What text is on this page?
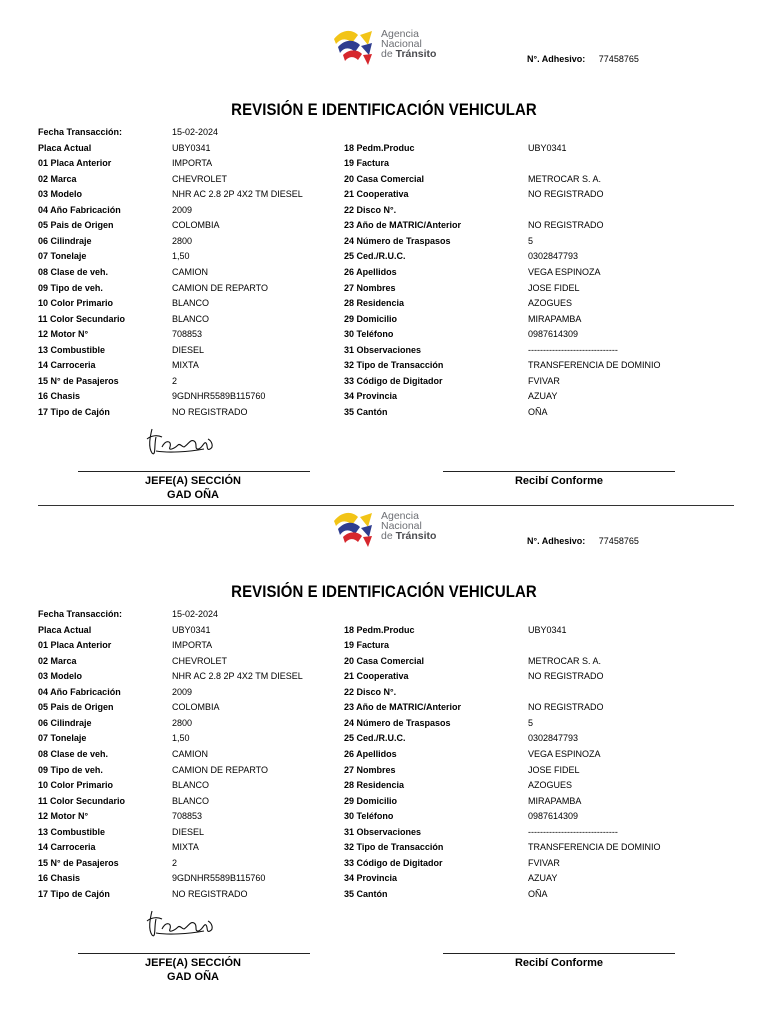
Agencia
Nacional
de Tránsito	N°. Adhesivo: 77458765
REVISIÓN E IDENTIFICACIÓN VEHICULAR
Fecha Transacción:	15-02-2024
Placa Actual	UBY0341
01 Placa Anterior	IMPORTA
02 Marca	CHEVROLET
03 Modelo	NHR AC 2.8 2P 4X2 TM DIESEL
04 Año Fabricación	2009
05 Pais de Origen	COLOMBIA
06 Cilindraje	2800
07 Tonelaje	1,50
08 Clase de veh.	CAMION
09 Tipo de veh.	CAMION DE REPARTO
10 Color Primario	BLANCO
11 Color Secundario	BLANCO
12 Motor N°	708853
13 Combustible	DIESEL
14 Carroceria	MIXTA
15 N° de Pasajeros	2
16 Chasis	9GDNHR5589B115760
17 Tipo de Cajón	NO REGISTRADO
18 Pedm.Produc	UBY0341
19 Factura
20 Casa Comercial	METROCAR S. A.
21 Cooperativa	NO REGISTRADO
22 Disco N°.
23 Año de MATRIC/Anterior	NO REGISTRADO
24 Número de Traspasos	5
25 Ced./R.U.C.	0302847793
26 Apellidos	VEGA ESPINOZA
27 Nombres	JOSE FIDEL
28 Residencia	AZOGUES
29 Domicilio	MIRAPAMBA
30 Teléfono	0987614309
31 Observaciones	------------------------------
32 Tipo de Transacción	TRANSFERENCIA DE DOMINIO
33 Código de Digitador	FVIVAR
34 Provincia	AZUAY
35 Cantón	OÑA
JEFE(A) SECCIÓN
GAD OÑA
Recibí Conforme
Agencia
Nacional
de Tránsito	N°. Adhesivo: 77458765
REVISIÓN E IDENTIFICACIÓN VEHICULAR
Fecha Transacción:	15-02-2024
Placa Actual	UBY0341
01 Placa Anterior	IMPORTA
02 Marca	CHEVROLET
03 Modelo	NHR AC 2.8 2P 4X2 TM DIESEL
04 Año Fabricación	2009
05 Pais de Origen	COLOMBIA
06 Cilindraje	2800
07 Tonelaje	1,50
08 Clase de veh.	CAMION
09 Tipo de veh.	CAMION DE REPARTO
10 Color Primario	BLANCO
11 Color Secundario	BLANCO
12 Motor N°	708853
13 Combustible	DIESEL
14 Carroceria	MIXTA
15 N° de Pasajeros	2
16 Chasis	9GDNHR5589B115760
17 Tipo de Cajón	NO REGISTRADO
18 Pedm.Produc	UBY0341
19 Factura
20 Casa Comercial	METROCAR S. A.
21 Cooperativa	NO REGISTRADO
22 Disco N°.
23 Año de MATRIC/Anterior	NO REGISTRADO
24 Número de Traspasos	5
25 Ced./R.U.C.	0302847793
26 Apellidos	VEGA ESPINOZA
27 Nombres	JOSE FIDEL
28 Residencia	AZOGUES
29 Domicilio	MIRAPAMBA
30 Teléfono	0987614309
31 Observaciones	------------------------------
32 Tipo de Transacción	TRANSFERENCIA DE DOMINIO
33 Código de Digitador	FVIVAR
34 Provincia	AZUAY
35 Cantón	OÑA
JEFE(A) SECCIÓN
GAD OÑA
Recibí Conforme
